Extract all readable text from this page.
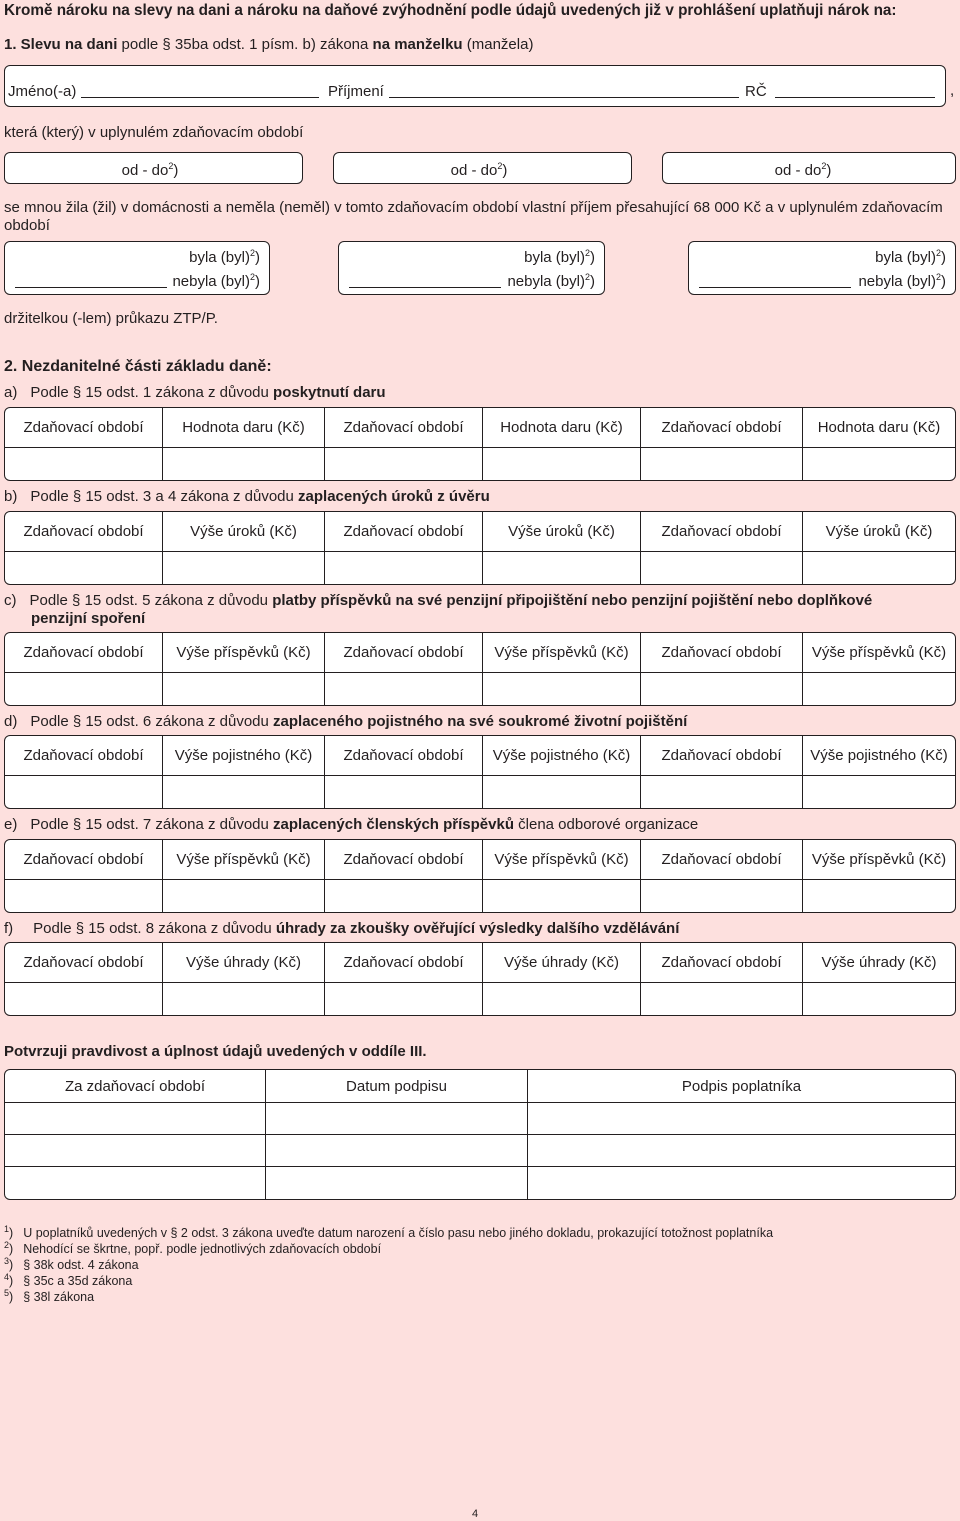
Kromě nároku na slevy na dani a nároku na daňové zvýhodnění podle údajů uvedených již v prohlášení uplatňuji nárok na:
1. Slevu na dani podle § 35ba odst. 1 písm. b) zákona na manželku (manžela)
Jméno(-a)	Příjmení	RČ	,
která (který) v uplynulém zdaňovacím období
od - $do^2$)	od - $do^2$)	od - $do^2$)
se mnou žila (žil) v domácnosti a neměla (neměl) v tomto zdaňovacím období vlastní příjem přesahující 68 000 Kč a v uplynulém zdaňovacím období
byla (byl)$^2$)
nebyla (byl)$^2$)
byla (byl)$^2$)
nebyla (byl)$^2$)
byla (byl)$^2$)
nebyla (byl)$^2$)
držitelkou (-lem) průkazu ZTP/P.
2. Nezdanitelné části základu daně:
a) Podle § 15 odst. 1 zákona z důvodu poskytnutí daru
Zdaňovací období	Hodnota daru (Kč)	Zdaňovací období	Hodnota daru (Kč)	Zdaňovací období	Hodnota daru (Kč)

b) Podle § 15 odst. 3 a 4 zákona z důvodu zaplacených úroků z úvěru
Zdaňovací období	Výše úroků (Kč)	Zdaňovací období	Výše úroků (Kč)	Zdaňovací období	Výše úroků (Kč)

c) Podle § 15 odst. 5 zákona z důvodu platby příspěvků na své penzijní připojištění nebo penzijní pojištění nebo doplňkové
penzijní spoření
Zdaňovací období	Výše příspěvků (Kč)	Zdaňovací období	Výše příspěvků (Kč)	Zdaňovací období	Výše příspěvků (Kč)

d) Podle § 15 odst. 6 zákona z důvodu zaplaceného pojistného na své soukromé životní pojištění
Zdaňovací období	Výše pojistného (Kč)	Zdaňovací období	Výše pojistného (Kč)	Zdaňovací období	Výše pojistného (Kč)

e) Podle § 15 odst. 7 zákona z důvodu zaplacených členských příspěvků člena odborové organizace
Zdaňovací období	Výše příspěvků (Kč)	Zdaňovací období	Výše příspěvků (Kč)	Zdaňovací období	Výše příspěvků (Kč)

f) Podle § 15 odst. 8 zákona z důvodu úhrady za zkoušky ověřující výsledky dalšího vzdělávání
Zdaňovací období	Výše úhrady (Kč)	Zdaňovací období	Výše úhrady (Kč)	Zdaňovací období	Výše úhrady (Kč)

Potvrzuji pravdivost a úplnost údajů uvedených v oddíle III.
Za zdaňovací období	Datum podpisu	Podpis poplatníka

$^1$) U poplatníků uvedených v § 2 odst. 3 zákona uveďte datum narození a číslo pasu nebo jiného dokladu, prokazující totožnost poplatníka
$^2$) Nehodící se škrtne, popř. podle jednotlivých zdaňovacích období
$^3$) § 38k odst. 4 zákona
$^4$) § 35c a 35d zákona
$^5$) § 38l zákona
4
